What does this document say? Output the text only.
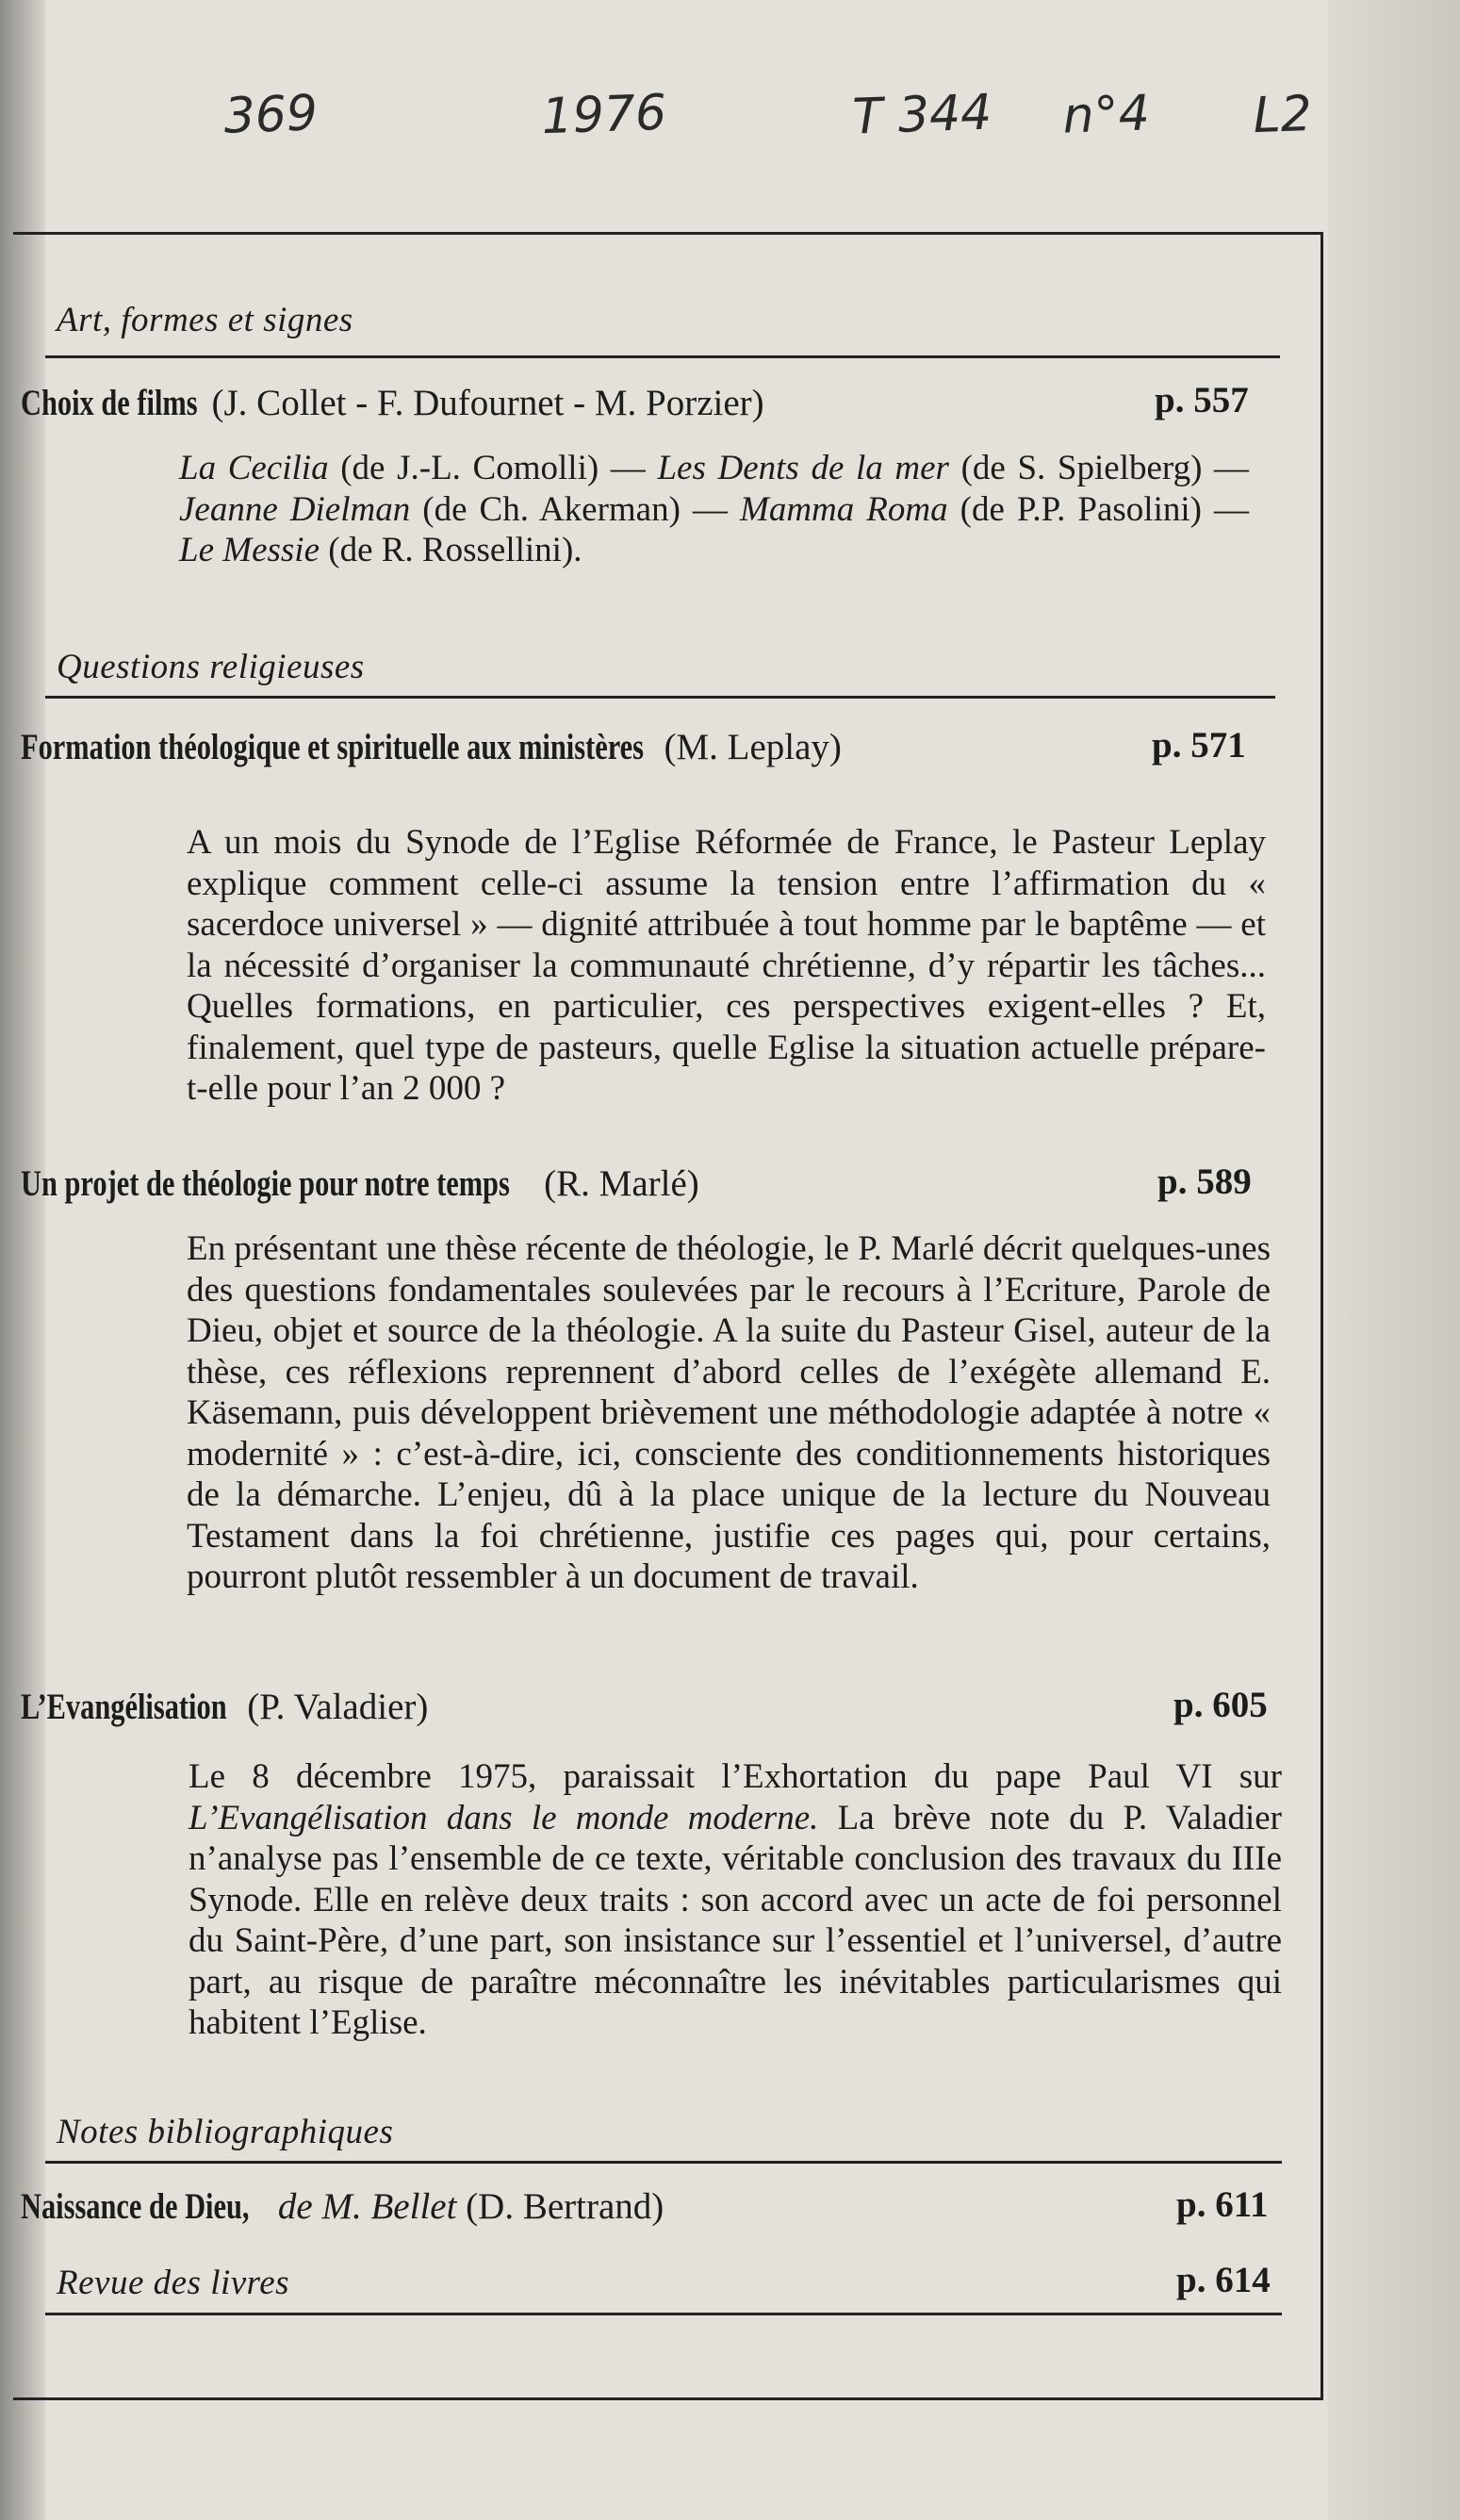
369	1976	T 344 n°4 L2
Art, formes et signes
Choix de films (J. Collet - F. Dufournet - M. Porzier)	p. 557
La Cecilia (de J.-L. Comolli) — Les Dents de la mer (de S. Spielberg) — Jeanne Dielman (de Ch. Akerman) — Mamma Roma (de P.P. Pasolini) — Le Messie (de R. Rossellini).
Questions religieuses
Formation théologique et spirituelle aux ministères (M. Leplay)	p. 571
A un mois du Synode de l’Eglise Réformée de France, le Pasteur Leplay explique comment celle-ci assume la tension entre l’affirmation du « sacerdoce universel » — dignité attribuée à tout homme par le baptême — et la nécessité d’organiser la communauté chrétienne, d’y répartir les tâches... Quelles formations, en particulier, ces perspectives exigent-elles ? Et, finalement, quel type de pasteurs, quelle Eglise la situation actuelle prépare-t-elle pour l’an 2 000 ?
Un projet de théologie pour notre temps (R. Marlé)	p. 589
En présentant une thèse récente de théologie, le P. Marlé décrit quelques-unes des questions fondamentales soulevées par le recours à l’Ecriture, Parole de Dieu, objet et source de la théologie. A la suite du Pasteur Gisel, auteur de la thèse, ces réflexions reprennent d’abord celles de l’exégète allemand E. Käsemann, puis développent brièvement une méthodologie adaptée à notre « modernité » : c’est-à-dire, ici, consciente des conditionnements historiques de la démarche. L’enjeu, dû à la place unique de la lecture du Nouveau Testament dans la foi chrétienne, justifie ces pages qui, pour certains, pourront plutôt ressembler à un document de travail.
L’Evangélisation (P. Valadier)	p. 605
Le 8 décembre 1975, paraissait l’Exhortation du pape Paul VI sur L’Evangélisation dans le monde moderne. La brève note du P. Valadier n’analyse pas l’ensemble de ce texte, véritable conclusion des travaux du IIIe Synode. Elle en relève deux traits : son accord avec un acte de foi personnel du Saint-Père, d’une part, son insistance sur l’essentiel et l’universel, d’autre part, au risque de paraître méconnaître les inévitables particularismes qui habitent l’Eglise.
Notes bibliographiques
Naissance de Dieu, de M. Bellet (D. Bertrand)	p. 611
Revue des livres	p. 614
